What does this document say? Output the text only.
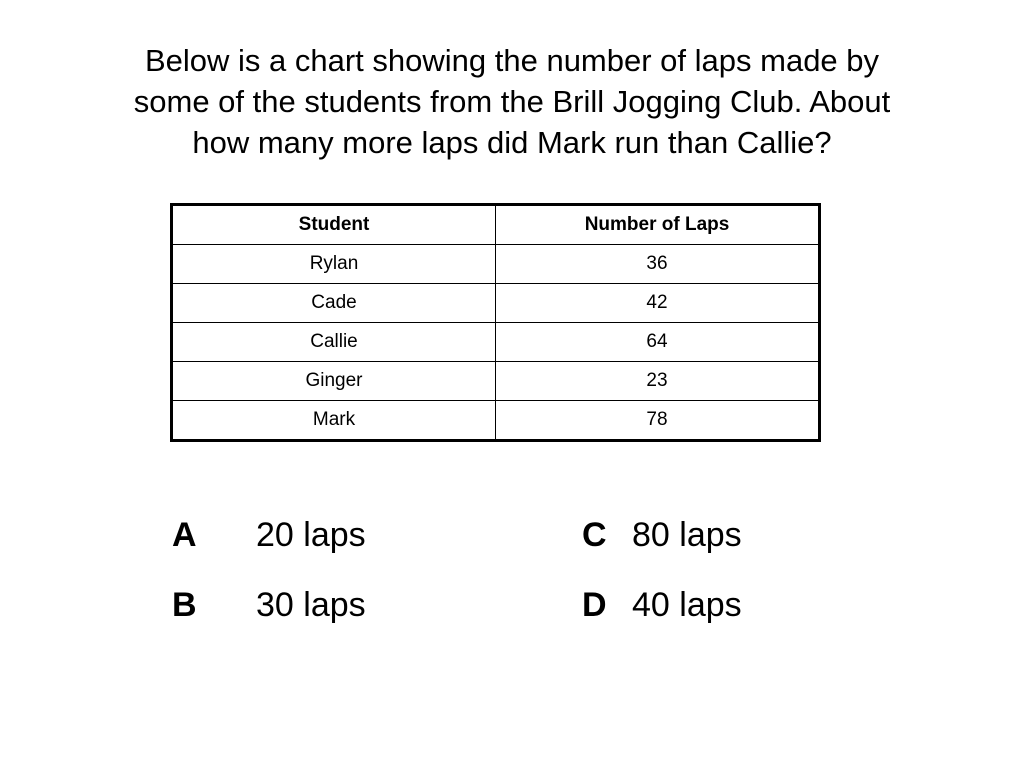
Below is a chart showing the number of laps made by
some of the students from the Brill Jogging Club. About
how many more laps did Mark run than Callie?
Student	Number of Laps
Rylan	36
Cade	42
Callie	64
Ginger	23
Mark	78
A 20 laps
B 30 laps
C 80 laps
D 40 laps
